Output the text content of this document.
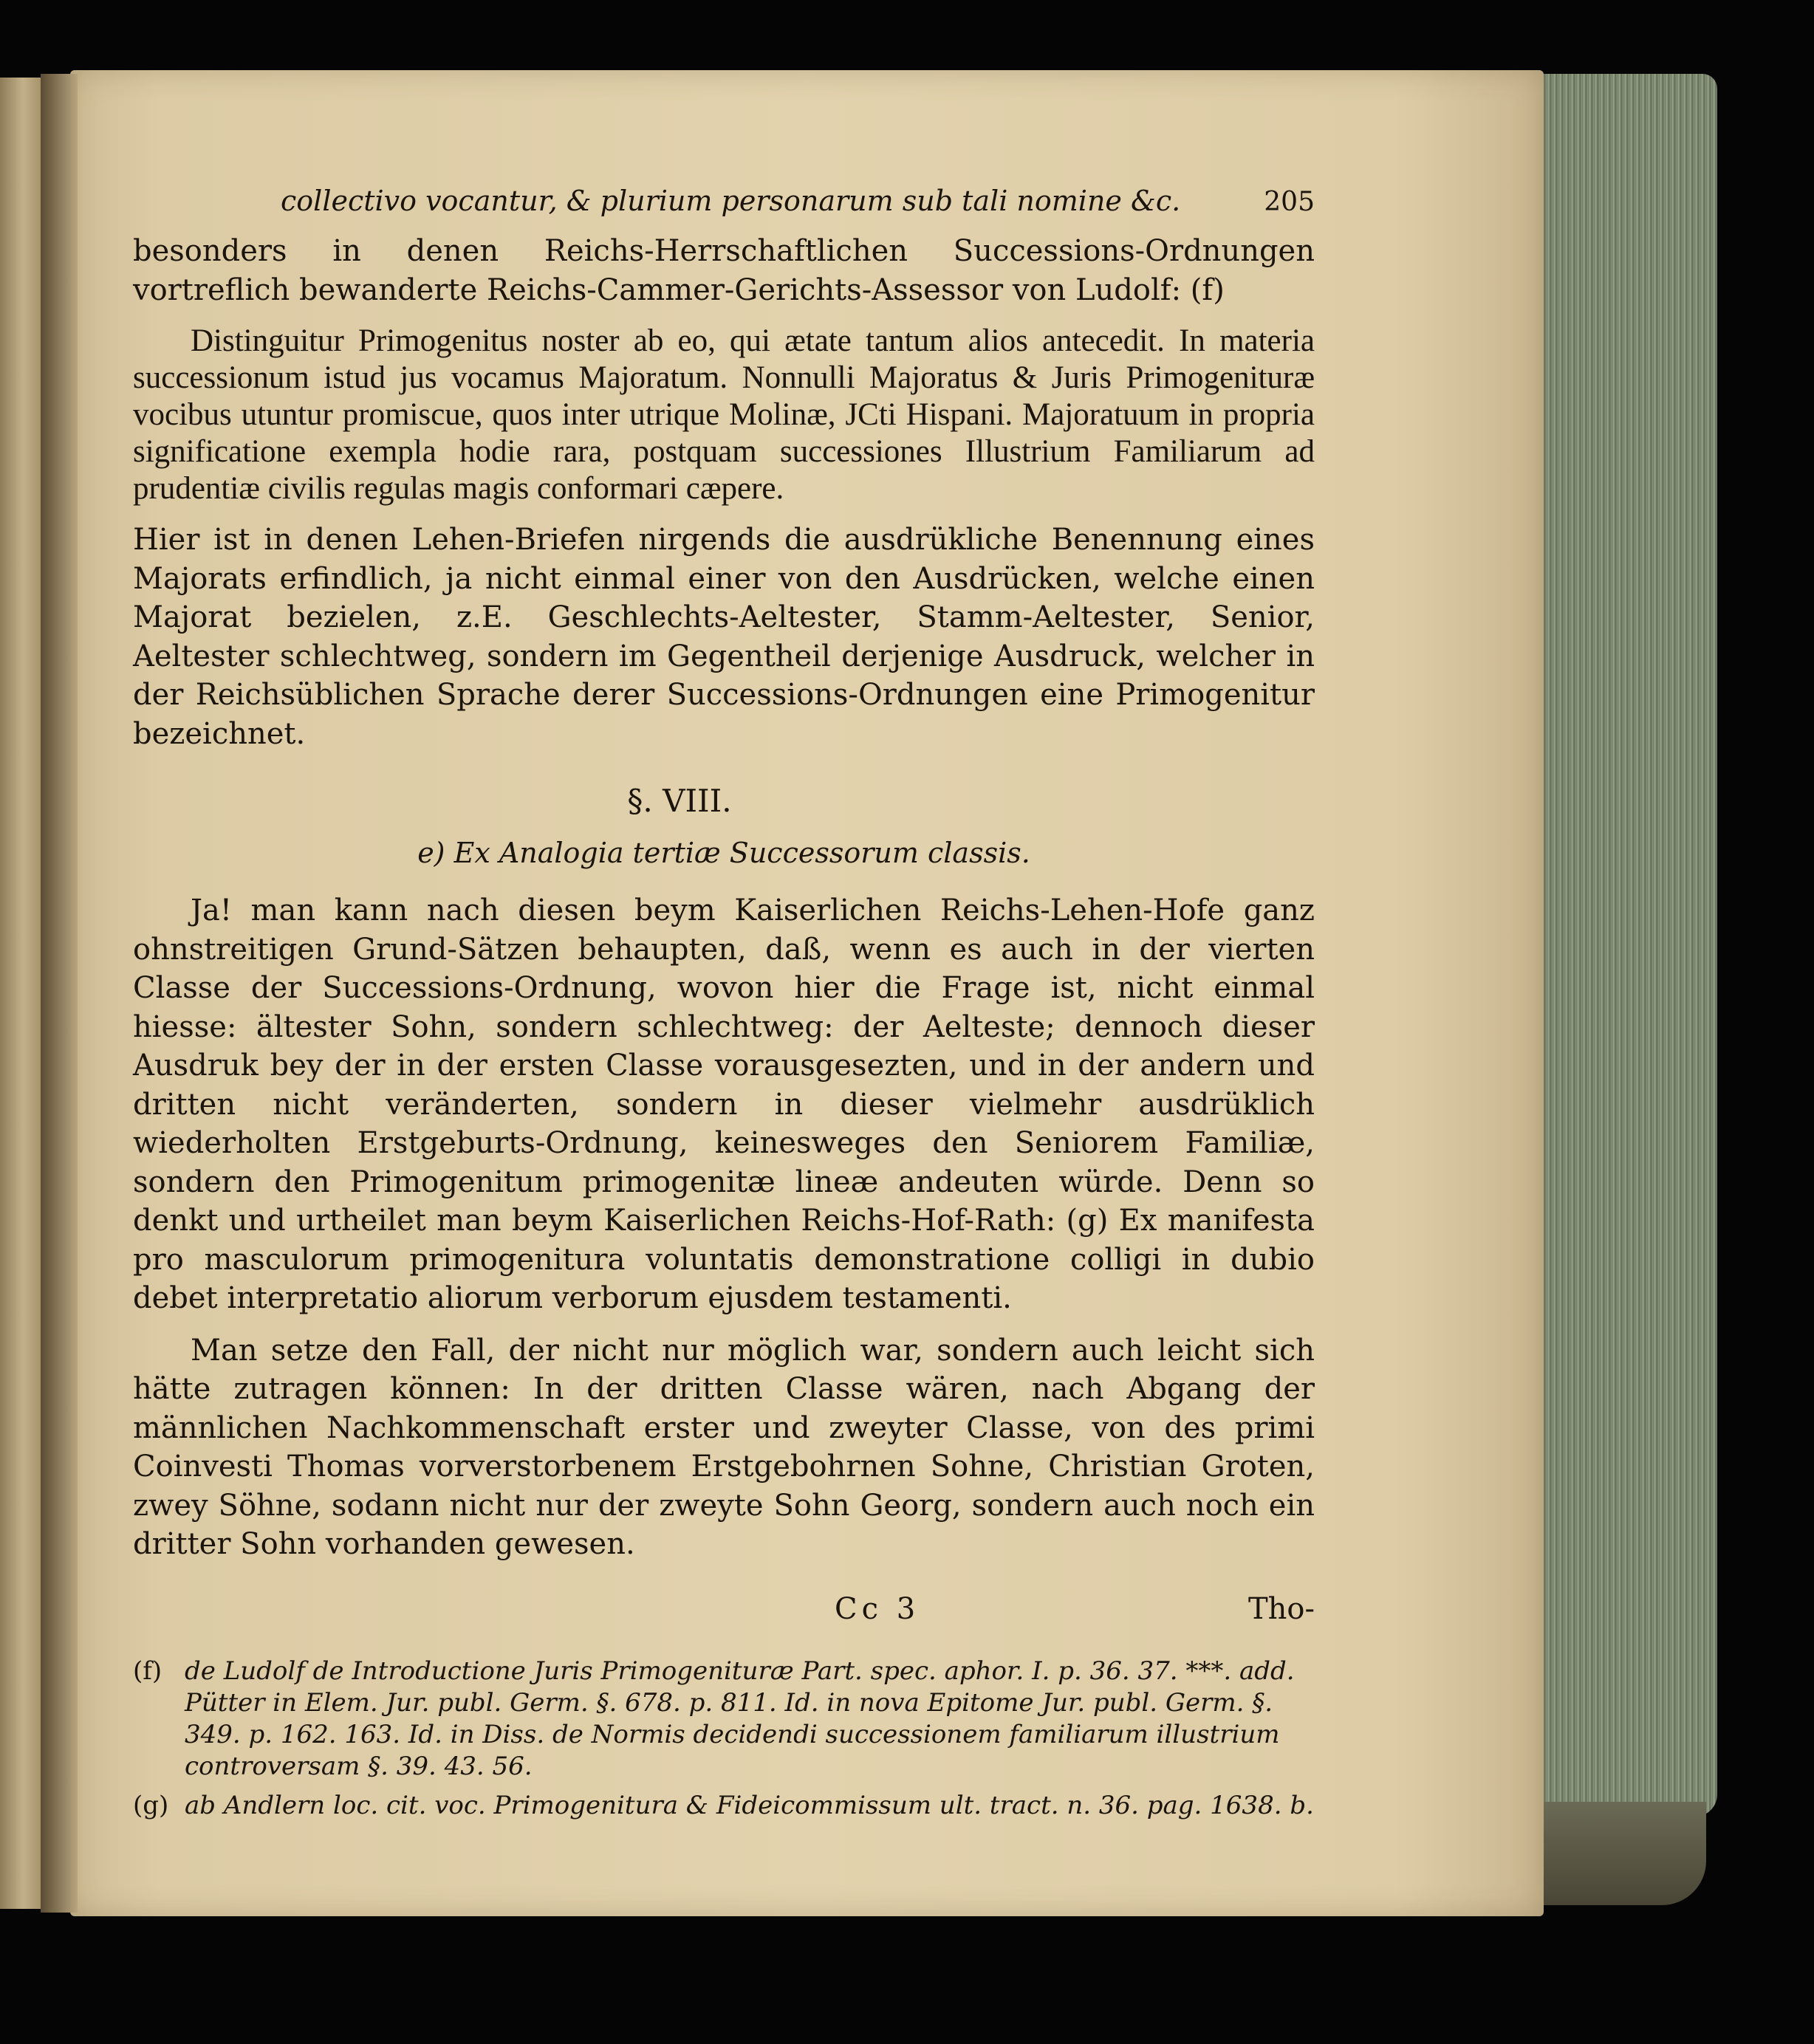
collectivo vocantur, & plurium personarum sub tali nomine &c.	205

besonders in denen Reichs-Herrschaftlichen Successions-Ordnungen vortreflich bewanderte Reichs-Cammer-Gerichts-Assessor von Ludolf: (f)

Distinguitur Primogenitus noster ab eo, qui ætate tantum alios antecedit. In materia successionum istud jus vocamus Majoratum. Nonnulli Majoratus & Juris Primogenituræ vocibus utuntur promiscue, quos inter utrique Molinæ, JCti Hispani. Majoratuum in propria significatione exempla hodie rara, postquam successiones Illustrium Familiarum ad prudentiæ civilis regulas magis conformari cæpere.

Hier ist in denen Lehen-Briefen nirgends die ausdrükliche Benennung eines Majorats erfindlich, ja nicht einmal einer von den Ausdrücken, welche einen Majorat bezielen, z.E. Geschlechts-Aeltester, Stamm-Aeltester, Senior, Aeltester schlechtweg, sondern im Gegentheil derjenige Ausdruck, welcher in der Reichsüblichen Sprache derer Successions-Ordnungen eine Primogenitur bezeichnet.

§. VIII.
e) Ex Analogia tertiæ Successorum classis.

Ja! man kann nach diesen beym Kaiserlichen Reichs-Lehen-Hofe ganz ohnstreitigen Grund-Sätzen behaupten, daß, wenn es auch in der vierten Classe der Successions-Ordnung, wovon hier die Frage ist, nicht einmal hiesse: ältester Sohn, sondern schlechtweg: der Aelteste; dennoch dieser Ausdruk bey der in der ersten Classe vorausgesezten, und in der andern und dritten nicht veränderten, sondern in dieser vielmehr ausdrüklich wiederholten Erstgeburts-Ordnung, keinesweges den Seniorem Familiæ, sondern den Primogenitum primogenitæ lineæ andeuten würde. Denn so denkt und urtheilet man beym Kaiserlichen Reichs-Hof-Rath: (g) Ex manifesta pro masculorum primogenitura voluntatis demonstratione colligi in dubio debet interpretatio aliorum verborum ejusdem testamenti.

Man setze den Fall, der nicht nur möglich war, sondern auch leicht sich hätte zutragen können: In der dritten Classe wären, nach Abgang der männlichen Nachkommenschaft erster und zweyter Classe, von des primi Coinvesti Thomas vorverstorbenem Erstgebohrnen Sohne, Christian Groten, zwey Söhne, sodann nicht nur der zweyte Sohn Georg, sondern auch noch ein dritter Sohn vorhanden gewesen.

Cc 3	Tho-
(f) de Ludolf de Introductione Juris Primogenituræ Part. spec. aphor. I. p. 36. 37. ***. add. Pütter in Elem. Jur. publ. Germ. §. 678. p. 811. Id. in nova Epitome Jur. publ. Germ. §. 349. p. 162. 163. Id. in Diss. de Normis decidendi successionem familiarum illustrium controversam §. 39. 43. 56.
(g) ab Andlern loc. cit. voc. Primogenitura & Fideicommissum ult. tract. n. 36. pag. 1638. b.
